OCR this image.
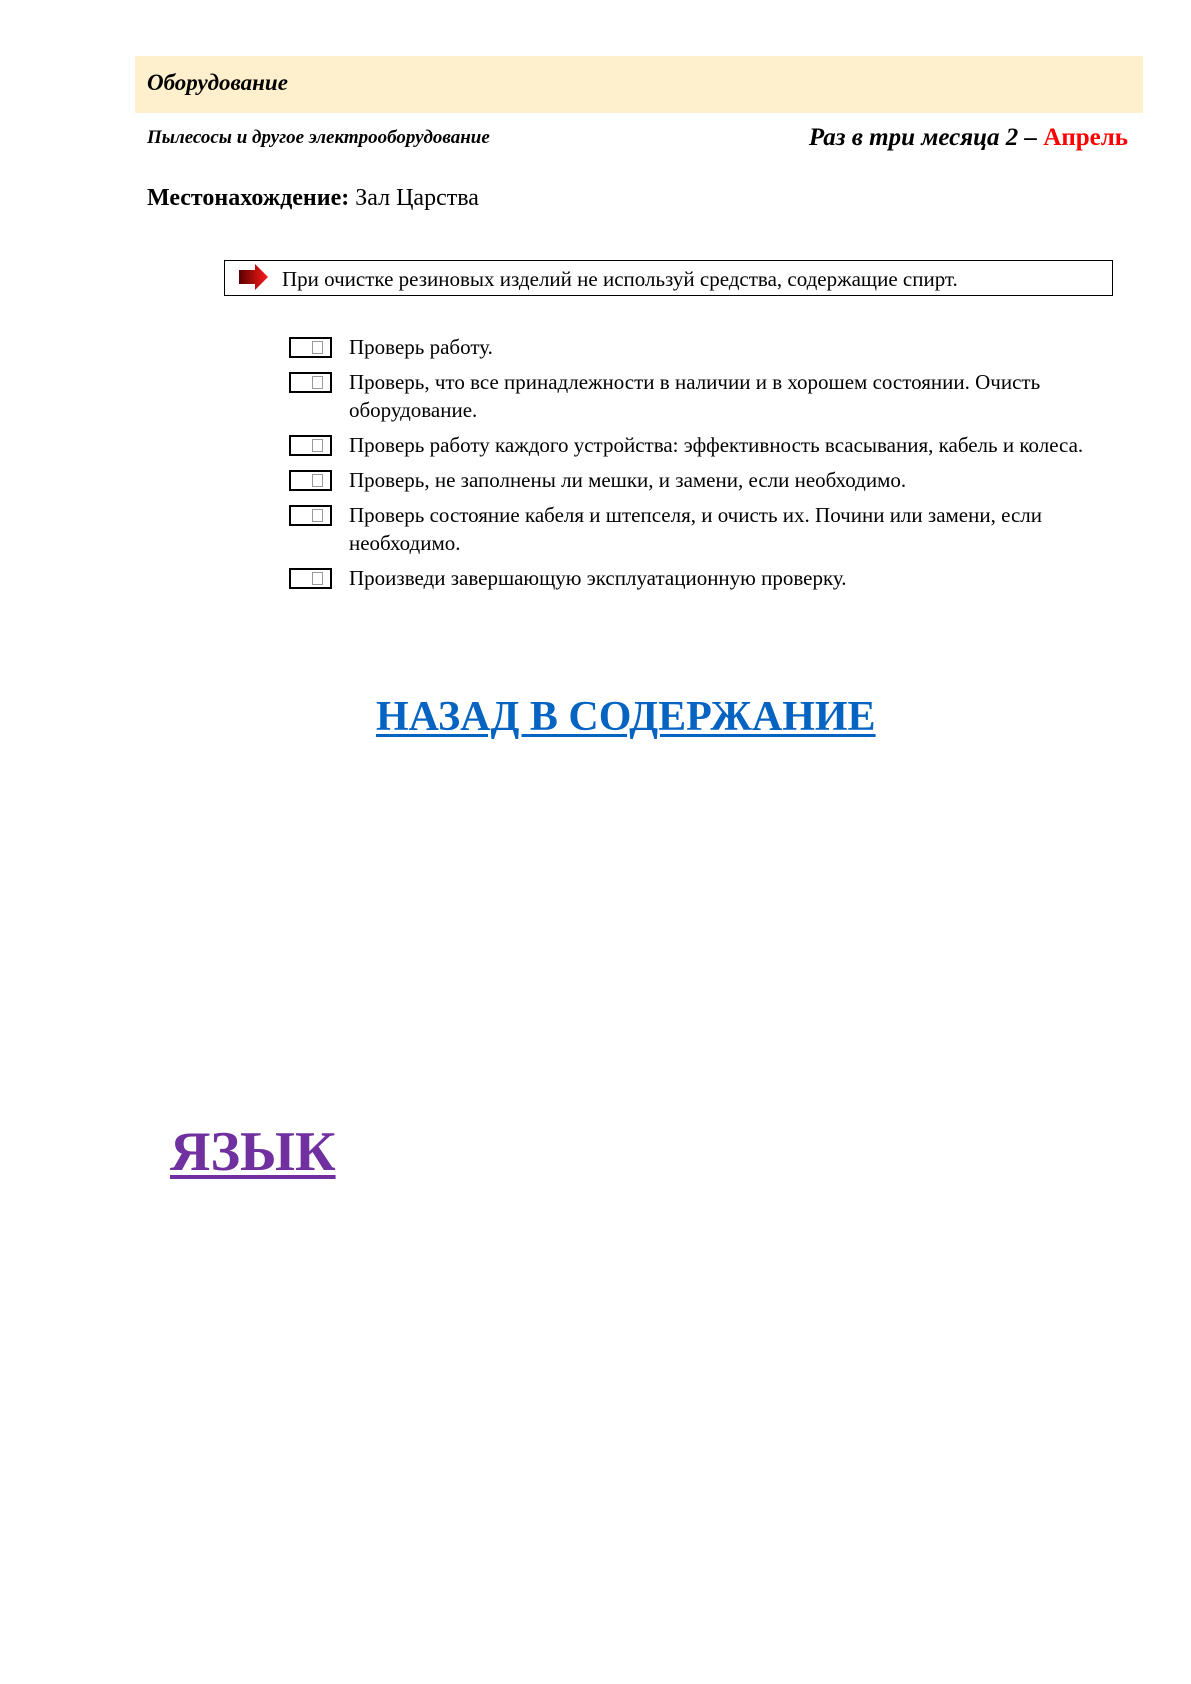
Оборудование
Пылесосы и другое электрооборудование	Раз в три месяца 2 – Апрель
Местонахождение: Зал Царства
При очистке резиновых изделий не используй средства, содержащие спирт.
Проверь работу.
Проверь, что все принадлежности в наличии и в хорошем состоянии. Очисть оборудование.
Проверь работу каждого устройства: эффективность всасывания, кабель и колеса.
Проверь, не заполнены ли мешки, и замени, если необходимо.
Проверь состояние кабеля и штепселя, и очисть их. Почини или замени, если необходимо.
Произведи завершающую эксплуатационную проверку.
НАЗАД В СОДЕРЖАНИЕ
ЯЗЫК
